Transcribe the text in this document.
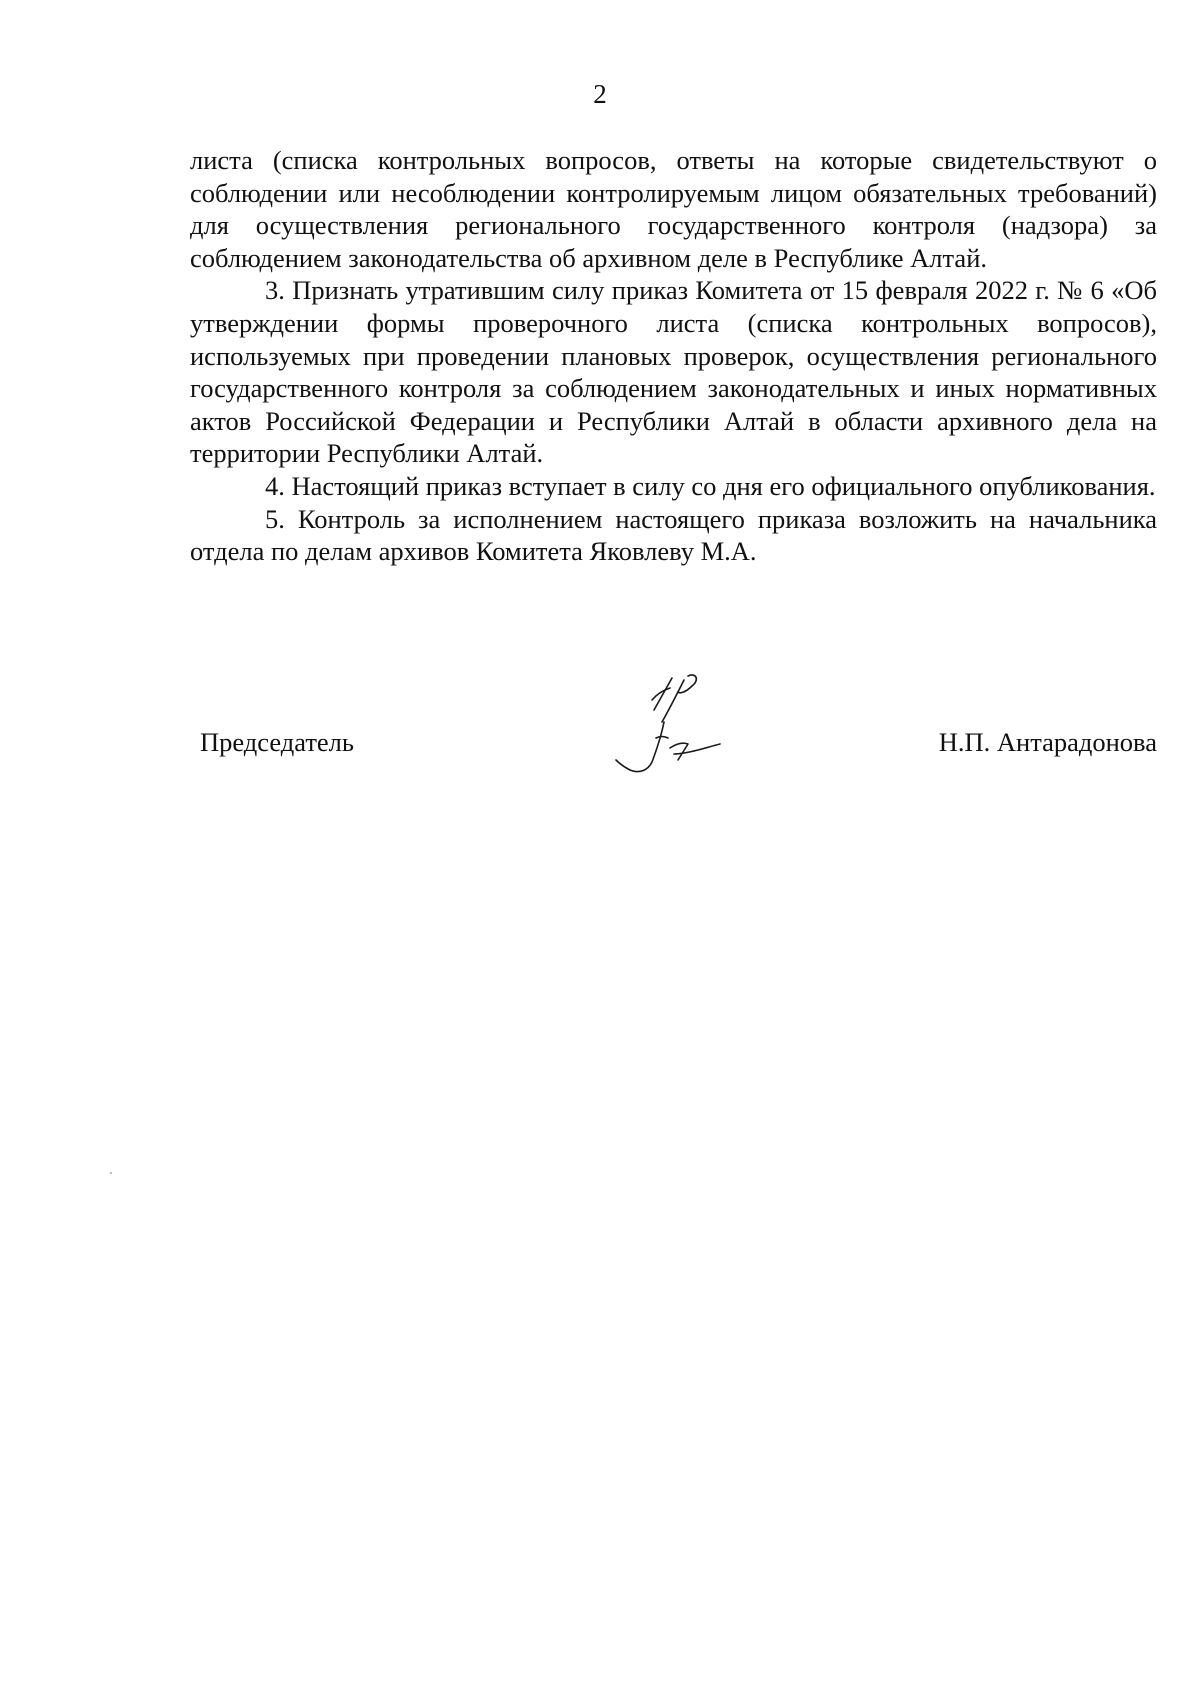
2

листа (списка контрольных вопросов, ответы на которые свидетельствуют о соблюдении или несоблюдении контролируемым лицом обязательных требований) для осуществления регионального государственного контроля (надзора) за соблюдением законодательства об архивном деле в Республике Алтай.

3. Признать утратившим силу приказ Комитета от 15 февраля 2022 г. № 6 «Об утверждении формы проверочного листа (списка контрольных вопросов), используемых при проведении плановых проверок, осуществления регионального государственного контроля за соблюдением законодательных и иных нормативных актов Российской Федерации и Республики Алтай в области архивного дела на территории Республики Алтай.

4. Настоящий приказ вступает в силу со дня его официального опубликования.

5. Контроль за исполнением настоящего приказа возложить на начальника отдела по делам архивов Комитета Яковлеву М.А.

Председатель	Н.П. Антарадонова
